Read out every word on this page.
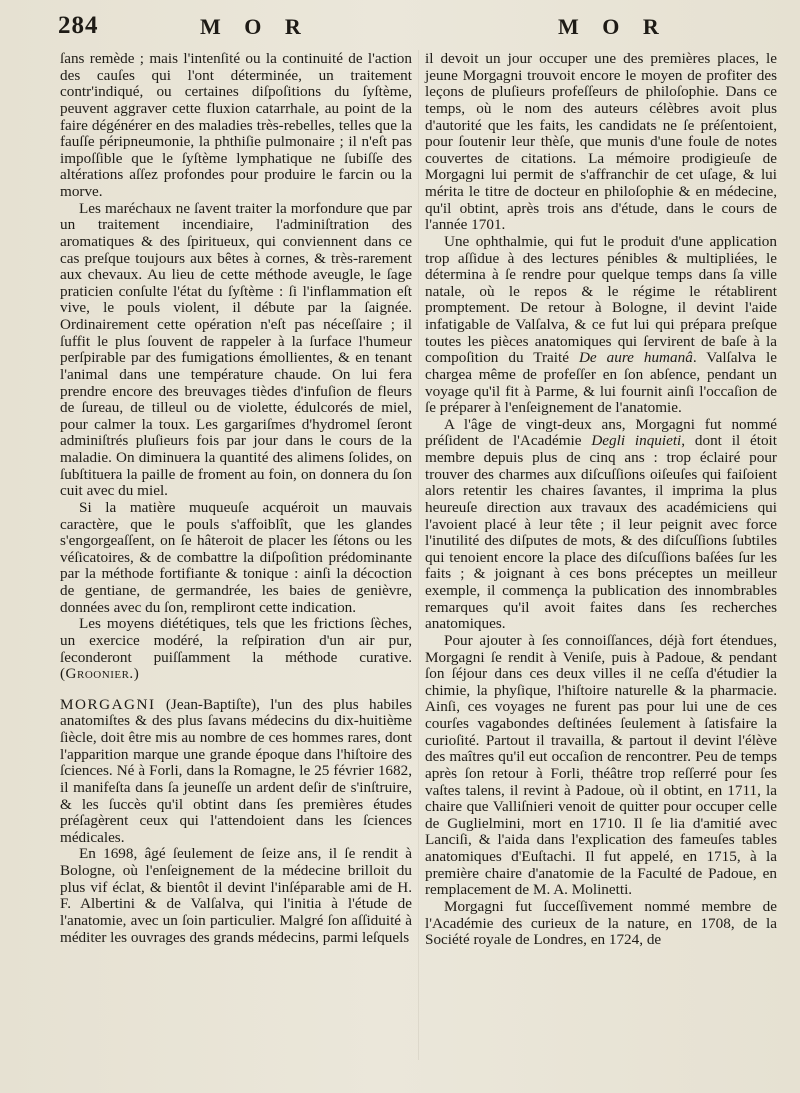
284	M O R	M O R

ſans remède ; mais l'intenſité ou la continuité de l'action des cauſes qui l'ont déterminée, un traitement contr'indiqué, ou certaines diſpoſitions du ſyſtème, peuvent aggraver cette fluxion catarrhale, au point de la faire dégénérer en des maladies très-rebelles, telles que la fauſſe péripneumonie, la phthiſie pulmonaire ; il n'eſt pas impoſſible que le ſyſtème lymphatique ne ſubiſſe des altérations aſſez profondes pour produire le farcin ou la morve.

Les maréchaux ne ſavent traiter la morfondure que par un traitement incendiaire, l'adminiſtration des aromatiques & des ſpiritueux, qui conviennent dans ce cas preſque toujours aux bêtes à cornes, & très-rarement aux chevaux. Au lieu de cette méthode aveugle, le ſage praticien conſulte l'état du ſyſtème : ſi l'inflammation eſt vive, le pouls violent, il débute par la ſaignée. Ordinairement cette opération n'eſt pas néceſſaire ; il ſuffit le plus ſouvent de rappeler à la ſurface l'humeur perſpirable par des fumigations émollientes, & en tenant l'animal dans une température chaude. On lui fera prendre encore des breuvages tièdes d'infuſion de fleurs de ſureau, de tilleul ou de violette, édulcorés de miel, pour calmer la toux. Les gargariſmes d'hydromel ſeront adminiſtrés pluſieurs fois par jour dans le cours de la maladie. On diminuera la quantité des alimens ſolides, on ſubſtituera la paille de froment au foin, on donnera du ſon cuit avec du miel.

Si la matière muqueuſe acquéroit un mauvais caractère, que le pouls s'affoiblît, que les glandes s'engorgeaſſent, on ſe hâteroit de placer les ſétons ou les véſicatoires, & de combattre la diſpoſition prédominante par la méthode fortifiante & tonique : ainſi la décoction de gentiane, de germandrée, les baies de genièvre, données avec du ſon, rempliront cette indication.

Les moyens diététiques, tels que les frictions ſèches, un exercice modéré, la reſpiration d'un air pur, ſeconderont puiſſamment la méthode curative. (Groonier.)

MORGAGNI (Jean-Baptiſte), l'un des plus habiles anatomiſtes & des plus ſavans médecins du dix-huitième ſiècle, doit être mis au nombre de ces hommes rares, dont l'apparition marque une grande époque dans l'hiſtoire des ſciences. Né à Forli, dans la Romagne, le 25 février 1682, il manifeſta dans ſa jeuneſſe un ardent deſir de s'inſtruire, & les ſuccès qu'il obtint dans ſes premières études préſagèrent ceux qui l'attendoient dans les ſciences médicales.

En 1698, âgé ſeulement de ſeize ans, il ſe rendit à Bologne, où l'enſeignement de la médecine brilloit du plus vif éclat, & bientôt il devint l'inſéparable ami de H. F. Albertini & de Valſalva, qui l'initia à l'étude de l'anatomie, avec un ſoin particulier. Malgré ſon aſſiduité à méditer les ouvrages des grands médecins, parmi leſquels

il devoit un jour occuper une des premières places, le jeune Morgagni trouvoit encore le moyen de profiter des leçons de pluſieurs profeſſeurs de philoſophie. Dans ce temps, où le nom des auteurs célèbres avoit plus d'autorité que les faits, les candidats ne ſe préſentoient, pour ſoutenir leur thèſe, que munis d'une foule de notes couvertes de citations. La mémoire prodigieuſe de Morgagni lui permit de s'affranchir de cet uſage, & lui mérita le titre de docteur en philoſophie & en médecine, qu'il obtint, après trois ans d'étude, dans le cours de l'année 1701.

Une ophthalmie, qui fut le produit d'une application trop aſſidue à des lectures pénibles & multipliées, le détermina à ſe rendre pour quelque temps dans ſa ville natale, où le repos & le régime le rétablirent promptement. De retour à Bologne, il devint l'aide infatigable de Valſalva, & ce fut lui qui prépara preſque toutes les pièces anatomiques qui ſervirent de baſe à la compoſition du Traité De aure humanâ. Valſalva le chargea même de profeſſer en ſon abſence, pendant un voyage qu'il fit à Parme, & lui fournit ainſi l'occaſion de ſe préparer à l'enſeignement de l'anatomie.

A l'âge de vingt-deux ans, Morgagni fut nommé préſident de l'Académie Degli inquieti, dont il étoit membre depuis plus de cinq ans : trop éclairé pour trouver des charmes aux diſcuſſions oiſeuſes qui faiſoient alors retentir les chaires ſavantes, il imprima la plus heureuſe direction aux travaux des académiciens qui l'avoient placé à leur tête ; il leur peignit avec force l'inutilité des diſputes de mots, & des diſcuſſions ſubtiles qui tenoient encore la place des diſcuſſions baſées ſur les faits ; & joignant à ces bons préceptes un meilleur exemple, il commença la publication des innombrables remarques qu'il avoit faites dans ſes recherches anatomiques.

Pour ajouter à ſes connoiſſances, déjà fort étendues, Morgagni ſe rendit à Veniſe, puis à Padoue, & pendant ſon ſéjour dans ces deux villes il ne ceſſa d'étudier la chimie, la phyſique, l'hiſtoire naturelle & la pharmacie. Ainſi, ces voyages ne furent pas pour lui une de ces courſes vagabondes deſtinées ſeulement à ſatisfaire la curioſité. Partout il travailla, & partout il devint l'élève des maîtres qu'il eut occaſion de rencontrer. Peu de temps après ſon retour à Forli, théâtre trop reſſerré pour ſes vaſtes talens, il revint à Padoue, où il obtint, en 1711, la chaire que Valliſnieri venoit de quitter pour occuper celle de Guglielmini, mort en 1710. Il ſe lia d'amitié avec Lanciſi, & l'aida dans l'explication des fameuſes tables anatomiques d'Euſtachi. Il fut appelé, en 1715, à la première chaire d'anatomie de la Faculté de Padoue, en remplacement de M. A. Molinetti.

Morgagni fut ſucceſſivement nommé membre de l'Académie des curieux de la nature, en 1708, de la Société royale de Londres, en 1724, de
